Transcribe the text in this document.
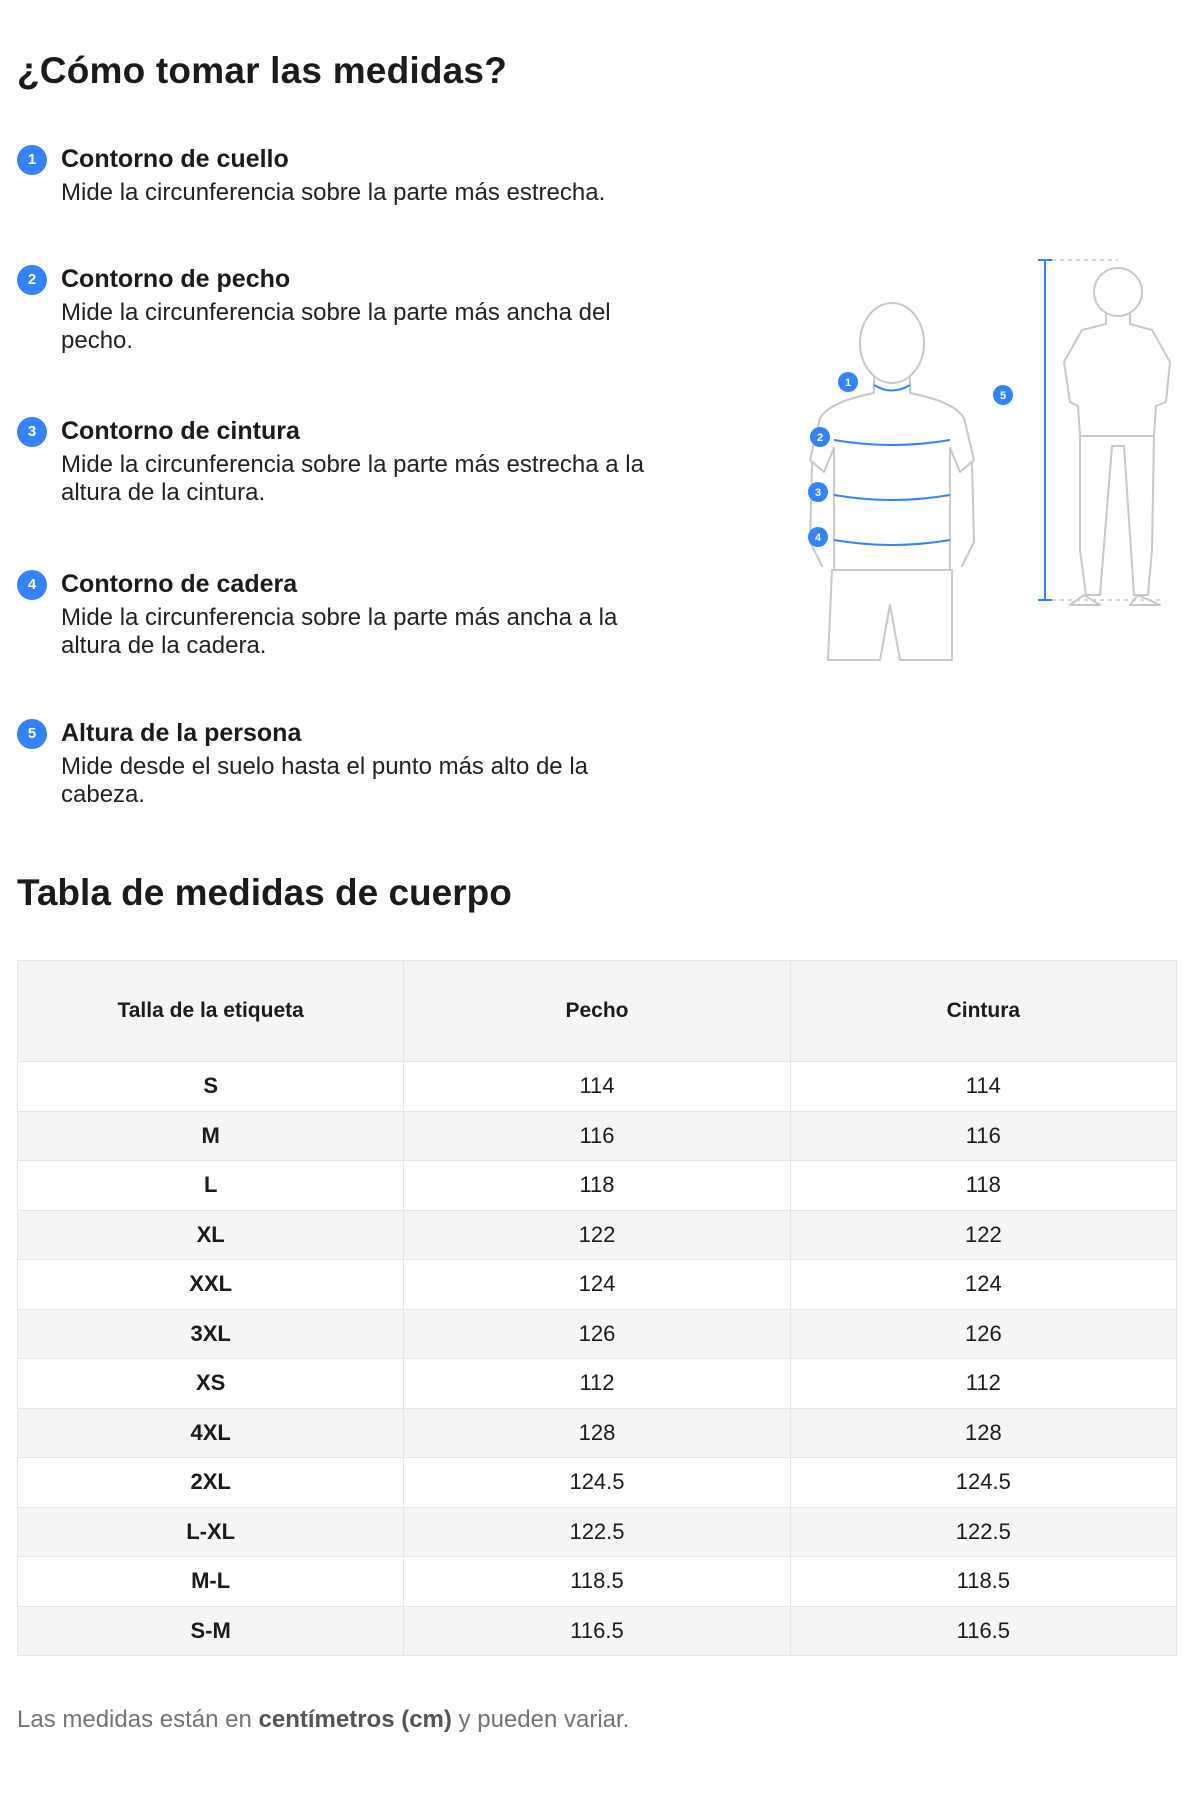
¿Cómo tomar las medidas?
1 Contorno de cuello
Mide la circunferencia sobre la parte más estrecha.
2 Contorno de pecho
Mide la circunferencia sobre la parte más ancha del pecho.
3 Contorno de cintura
Mide la circunferencia sobre la parte más estrecha a la altura de la cintura.
4 Contorno de cadera
Mide la circunferencia sobre la parte más ancha a la altura de la cadera.
5 Altura de la persona
Mide desde el suelo hasta el punto más alto de la cabeza.
1
2
3
4
5
Tabla de medidas de cuerpo
Talla de la etiqueta	Pecho	Cintura
S	114	114
M	116	116
L	118	118
XL	122	122
XXL	124	124
3XL	126	126
XS	112	112
4XL	128	128
2XL	124.5	124.5
L-XL	122.5	122.5
M-L	118.5	118.5
S-M	116.5	116.5
Las medidas están en centímetros (cm) y pueden variar.
